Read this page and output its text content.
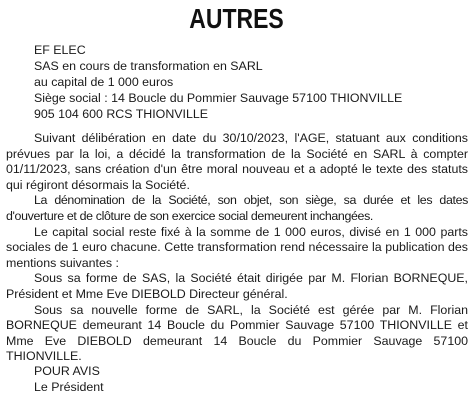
AUTRES
EF ELEC
SAS en cours de transformation en SARL
au capital de 1 000 euros
Siège social : 14 Boucle du Pommier Sauvage 57100 THIONVILLE
905 104 600 RCS THIONVILLE

Suivant délibération en date du 30/10/2023, l'AGE, statuant aux conditions prévues par la loi, a décidé la transformation de la Société en SARL à compter 01/11/2023, sans création d'un être moral nouveau et a adopté le texte des statuts qui régiront désormais la Société.

La dénomination de la Société, son objet, son siège, sa durée et les dates d'ouverture et de clôture de son exercice social demeurent inchangées.

Le capital social reste fixé à la somme de 1 000 euros, divisé en 1 000 parts sociales de 1 euro chacune. Cette transformation rend nécessaire la publication des mentions suivantes :

Sous sa forme de SAS, la Société était dirigée par M. Florian BORNEQUE, Président et Mme Eve DIEBOLD Directeur général.

Sous sa nouvelle forme de SARL, la Société est gérée par M. Florian BORNEQUE demeurant 14 Boucle du Pommier Sauvage 57100 THIONVILLE et Mme Eve DIEBOLD demeurant 14 Boucle du Pommier Sauvage 57100 THIONVILLE.

POUR AVIS
Le Président
